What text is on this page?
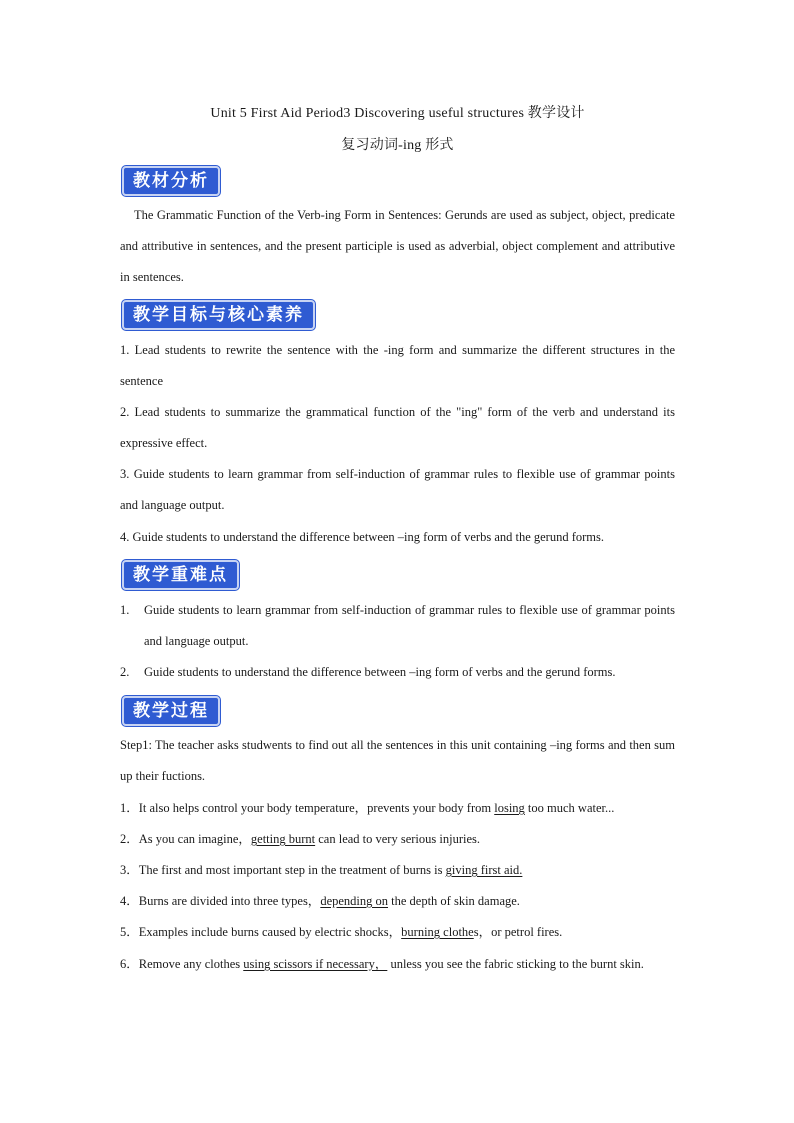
Unit 5 First Aid Period3 Discovering useful structures 教学设计
复习动词-ing 形式
教材分析
The Grammatic Function of the Verb-ing Form in Sentences: Gerunds are used as subject, object, predicate and attributive in sentences, and the present participle is used as adverbial, object complement and attributive in sentences.
教学目标与核心素养
1. Lead students to rewrite the sentence with the -ing form and summarize the different structures in the sentence
2. Lead students to summarize the grammatical function of the "ing" form of the verb and understand its expressive effect.
3. Guide students to learn grammar from self-induction of grammar rules to flexible use of grammar points and language output.
4. Guide students to understand the difference between –ing form of verbs and the gerund forms.
教学重难点
1. Guide students to learn grammar from self-induction of grammar rules to flexible use of grammar points and language output.
2. Guide students to understand the difference between –ing form of verbs and the gerund forms.
教学过程
Step1: The teacher asks studwents to find out all the sentences in this unit containing –ing forms and then sum up their fuctions.
1．It also helps control your body temperature，prevents your body from losing too much water...
2．As you can imagine，getting burnt can lead to very serious injuries.
3．The first and most important step in the treatment of burns is giving first aid.
4．Burns are divided into three types，depending on the depth of skin damage.
5．Examples include burns caused by electric shocks，burning clothes，or petrol fires.
6．Remove any clothes using scissors if necessary， unless you see the fabric sticking to the burnt skin.
